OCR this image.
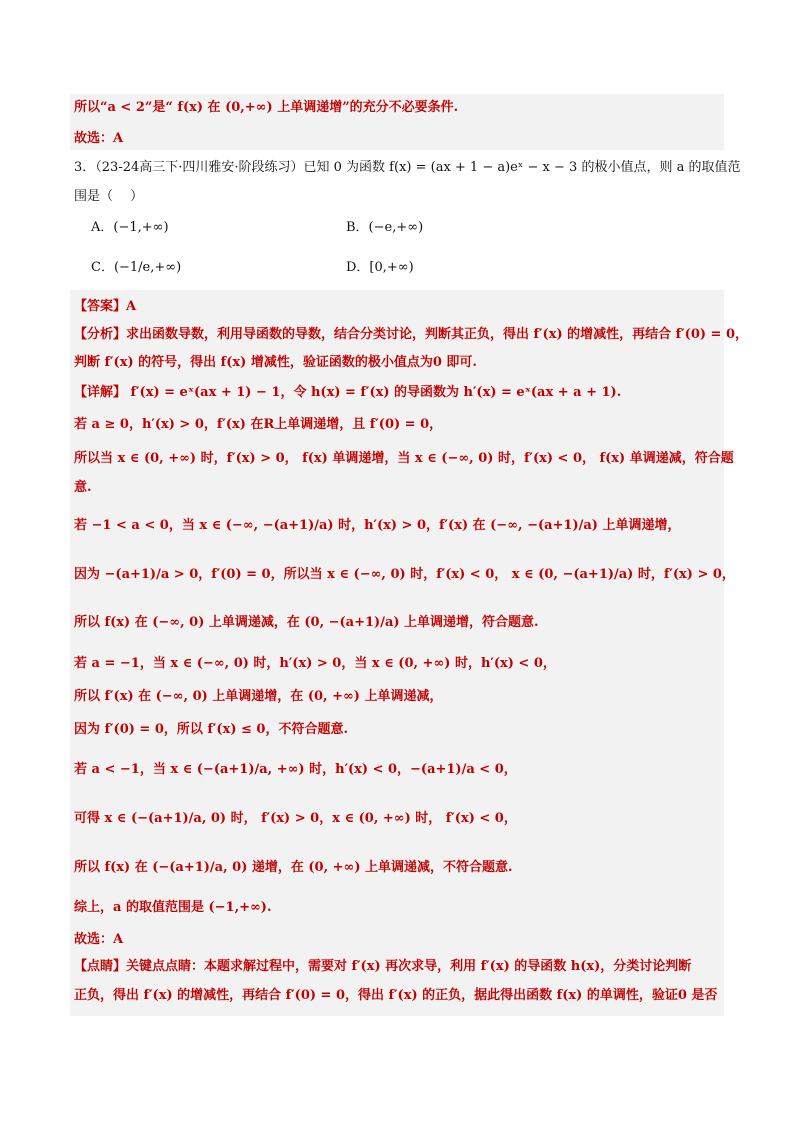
所以“a < 2”是“ f(x) 在 (0,+∞) 上单调递增”的充分不必要条件.
故选：A
3．（23-24高三下·四川雅安·阶段练习）已知 0 为函数 f(x) = (ax + 1 − a)eˣ − x − 3 的极小值点，则 a 的取值范
围是（　 ）
A．(−1,+∞)	B．(−e,+∞)
C．(−1/e,+∞)	D．[0,+∞)
【答案】A
【分析】求出函数导数，利用导函数的导数，结合分类讨论，判断其正负，得出 f′(x) 的增减性，再结合 f′(0) = 0，
判断 f′(x) 的符号，得出 f(x) 增减性，验证函数的极小值点为0 即可.
【详解】 f′(x) = eˣ(ax + 1) − 1，令 h(x) = f′(x) 的导函数为 h′(x) = eˣ(ax + a + 1).
若 a ≥ 0，h′(x) > 0，f′(x) 在R上单调递增，且 f′(0) = 0，
所以当 x ∈ (0, +∞) 时，f′(x) > 0， f(x) 单调递增，当 x ∈ (−∞, 0) 时，f′(x) < 0， f(x) 单调递减，符合题
意.
若 −1 < a < 0，当 x ∈ (−∞, −(a+1)/a) 时，h′(x) > 0，f′(x) 在 (−∞, −(a+1)/a) 上单调递增，
因为 −(a+1)/a > 0，f′(0) = 0，所以当 x ∈ (−∞, 0) 时，f′(x) < 0， x ∈ (0, −(a+1)/a) 时，f′(x) > 0，
所以 f(x) 在 (−∞, 0) 上单调递减，在 (0, −(a+1)/a) 上单调递增，符合题意.
若 a = −1，当 x ∈ (−∞, 0) 时，h′(x) > 0，当 x ∈ (0, +∞) 时，h′(x) < 0，
所以 f′(x) 在 (−∞, 0) 上单调递增，在 (0, +∞) 上单调递减，
因为 f′(0) = 0，所以 f′(x) ≤ 0，不符合题意.
若 a < −1，当 x ∈ (−(a+1)/a, +∞) 时，h′(x) < 0，−(a+1)/a < 0，
可得 x ∈ (−(a+1)/a, 0) 时， f′(x) > 0，x ∈ (0, +∞) 时， f′(x) < 0，
所以 f(x) 在 (−(a+1)/a, 0) 递增，在 (0, +∞) 上单调递减，不符合题意.
综上，a 的取值范围是 (−1,+∞).
故选：A
【点睛】关键点点睛：本题求解过程中，需要对 f′(x) 再次求导，利用 f′(x) 的导函数 h(x)，分类讨论判断
正负，得出 f′(x) 的增减性，再结合 f′(0) = 0，得出 f′(x) 的正负，据此得出函数 f(x) 的单调性，验证0 是否
